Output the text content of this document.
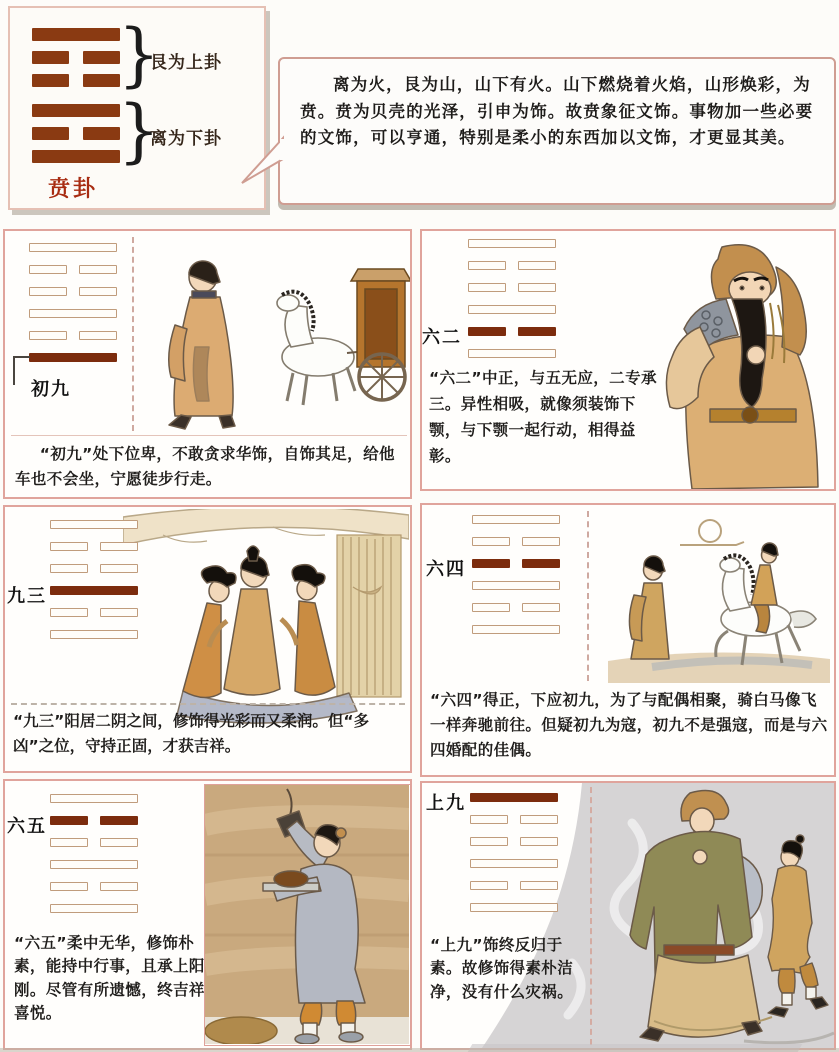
}
}
艮为上卦
离为下卦
贲卦

离为火，艮为山，山下有火。山下燃烧着火焰，山形焕彩，为贲。贲为贝壳的光泽，引申为饰。故贲象征文饰。事物加一些必要的文饰，可以亨通，特别是柔小的东西加以文饰，才更显其美。

初九

“初九”处下位卑，不敢贪求华饰，自饰其足，给他车也不会坐，宁愿徒步行走。

六二

“六二”中正，与五无应，二专承三。异性相吸，就像须装饰下颚，与下颚一起行动，相得益彰。

九三

“九三”阳居二阴之间，修饰得光彩而又柔润。但“多凶”之位，守持正固，才获吉祥。

六四

“六四”得正，下应初九，为了与配偶相聚，骑白马像飞一样奔驰前往。但疑初九为寇，初九不是强寇，而是与六四婚配的佳偶。

六五

“六五”柔中无华，修饰朴素，能持中行事，且承上阳刚。尽管有所遗憾，终吉祥喜悦。

上九

“上九”饰终反归于素。故修饰得素朴洁净，没有什么灾祸。
